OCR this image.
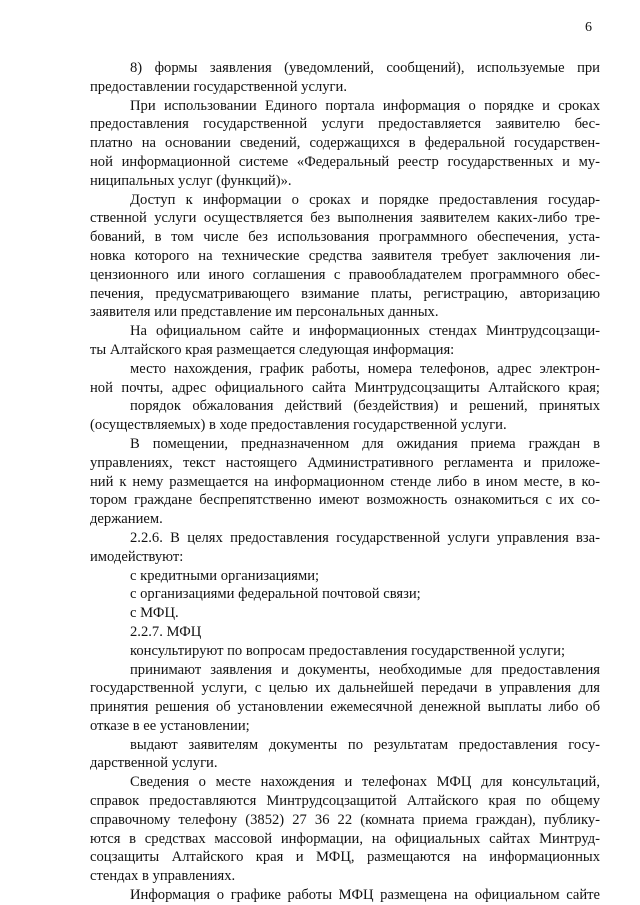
6
8) формы заявления (уведомлений, сообщений), используемые при
предоставлении государственной услуги.
При использовании Единого портала информация о порядке и сроках
предоставления государственной услуги предоставляется заявителю бес-
платно на основании сведений, содержащихся в федеральной государствен-
ной информационной системе «Федеральный реестр государственных и му-
ниципальных услуг (функций)».
Доступ к информации о сроках и порядке предоставления государ-
ственной услуги осуществляется без выполнения заявителем каких-либо тре-
бований, в том числе без использования программного обеспечения, уста-
новка которого на технические средства заявителя требует заключения ли-
цензионного или иного соглашения с правообладателем программного обес-
печения, предусматривающего взимание платы, регистрацию, авторизацию
заявителя или представление им персональных данных.
На официальном сайте и информационных стендах Минтрудсоцзащи-
ты Алтайского края размещается следующая информация:
место нахождения, график работы, номера телефонов, адрес электрон-
ной почты, адрес официального сайта Минтрудсоцзащиты Алтайского края;
порядок обжалования действий (бездействия) и решений, принятых
(осуществляемых) в ходе предоставления государственной услуги.
В помещении, предназначенном для ожидания приема граждан в
управлениях, текст настоящего Административного регламента и приложе-
ний к нему размещается на информационном стенде либо в ином месте, в ко-
тором граждане беспрепятственно имеют возможность ознакомиться с их со-
держанием.
2.2.6. В целях предоставления государственной услуги управления вза-
имодействуют:
с кредитными организациями;
с организациями федеральной почтовой связи;
с МФЦ.
2.2.7. МФЦ
консультируют по вопросам предоставления государственной услуги;
принимают заявления и документы, необходимые для предоставления
государственной услуги, с целью их дальнейшей передачи в управления для
принятия решения об установлении ежемесячной денежной выплаты либо об
отказе в ее установлении;
выдают заявителям документы по результатам предоставления госу-
дарственной услуги.
Сведения о месте нахождения и телефонах МФЦ для консультаций,
справок предоставляются Минтрудсоцзащитой Алтайского края по общему
справочному телефону (3852) 27 36 22 (комната приема граждан), публику-
ются в средствах массовой информации, на официальных сайтах Минтруд-
соцзащиты Алтайского края и МФЦ, размещаются на информационных
стендах в управлениях.
Информация о графике работы МФЦ размещена на официальном сайте
